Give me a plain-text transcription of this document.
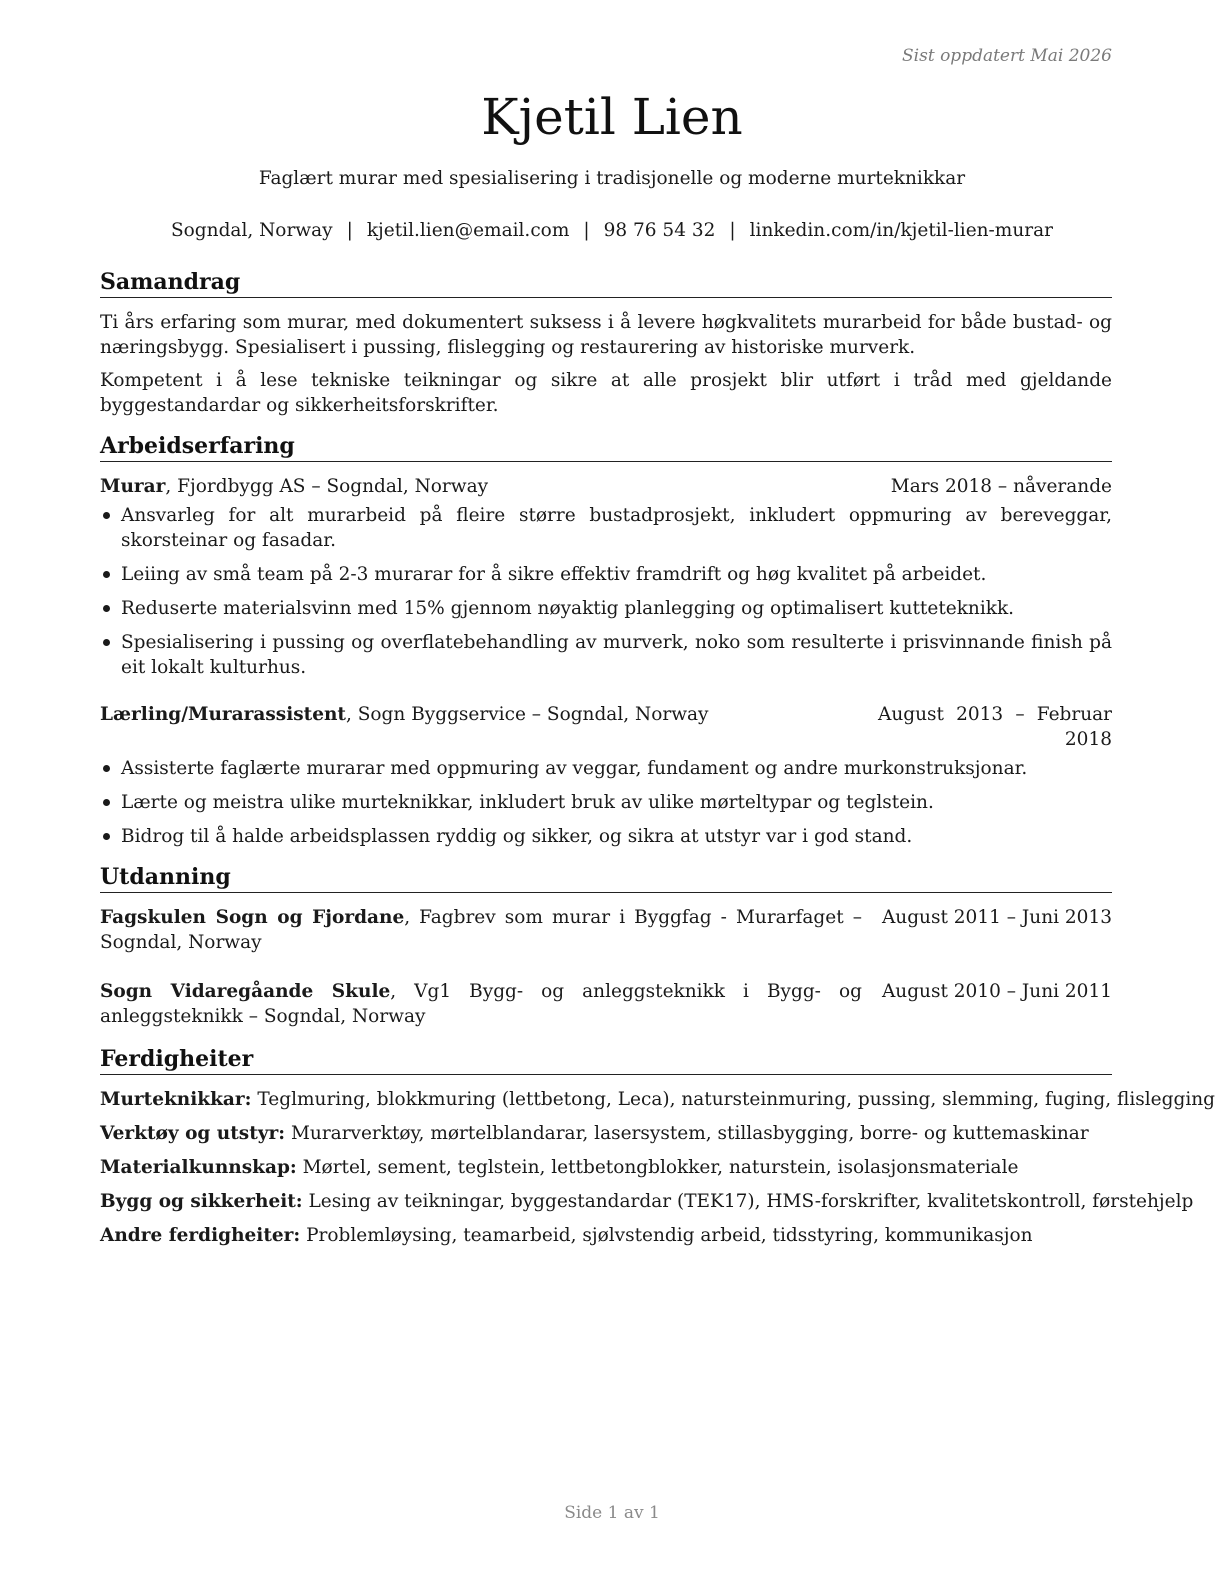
Sist oppdatert Mai 2026
Kjetil Lien
Faglært murar med spesialisering i tradisjonelle og moderne murteknikkar
Sogndal, Norway | kjetil.lien@email.com | 98 76 54 32 | linkedin.com/in/kjetil-lien-murar
Samandrag

Ti års erfaring som murar, med dokumentert suksess i å levere høgkvalitets murarbeid for både bustad- og næringsbygg. Spesialisert i pussing, flislegging og restaurering av historiske murverk.

Kompetent i å lese tekniske teikningar og sikre at alle prosjekt blir utført i tråd med gjeldande byggestandardar og sikkerheitsforskrifter.

Arbeidserfaring
Murar, Fjordbygg AS – Sogndal, Norway	Mars 2018 – nåverande
Ansvarleg for alt murarbeid på fleire større bustadprosjekt, inkludert oppmuring av bereveggar, skorsteinar og fasadar.
Leiing av små team på 2-3 murarar for å sikre effektiv framdrift og høg kvalitet på arbeidet.
Reduserte materialsvinn med 15% gjennom nøyaktig planlegging og optimalisert kutteteknikk.
Spesialisering i pussing og overflatebehandling av murverk, noko som resulterte i prisvinnande finish på eit lokalt kulturhus.
Lærling/Murarassistent, Sogn Byggservice – Sogndal, Norway	August 2013 – Februar 2018
Assisterte faglærte murarar med oppmuring av veggar, fundament og andre murkonstruksjonar.
Lærte og meistra ulike murteknikkar, inkludert bruk av ulike mørteltypar og teglstein.
Bidrog til å halde arbeidsplassen ryddig og sikker, og sikra at utstyr var i god stand.
Utdanning
Fagskulen Sogn og Fjordane, Fagbrev som murar i Byggfag - Murarfaget – Sogndal, Norway
August 2011 – Juni 2013
Sogn Vidaregåande Skule, Vg1 Bygg- og anleggsteknikk i Bygg- og anleggsteknikk – Sogndal, Norway
August 2010 – Juni 2011
Ferdigheiter
Murteknikkar: Teglmuring, blokkmuring (lettbetong, Leca), natursteinmuring, pussing, slemming, fuging, flislegging
Verktøy og utstyr: Murarverktøy, mørtelblandarar, lasersystem, stillasbygging, borre- og kuttemaskinar
Materialkunnskap: Mørtel, sement, teglstein, lettbetongblokker, naturstein, isolasjonsmateriale
Bygg og sikkerheit: Lesing av teikningar, byggestandardar (TEK17), HMS-forskrifter, kvalitetskontroll, førstehjelp
Andre ferdigheiter: Problemløysing, teamarbeid, sjølvstendig arbeid, tidsstyring, kommunikasjon
Side 1 av 1
